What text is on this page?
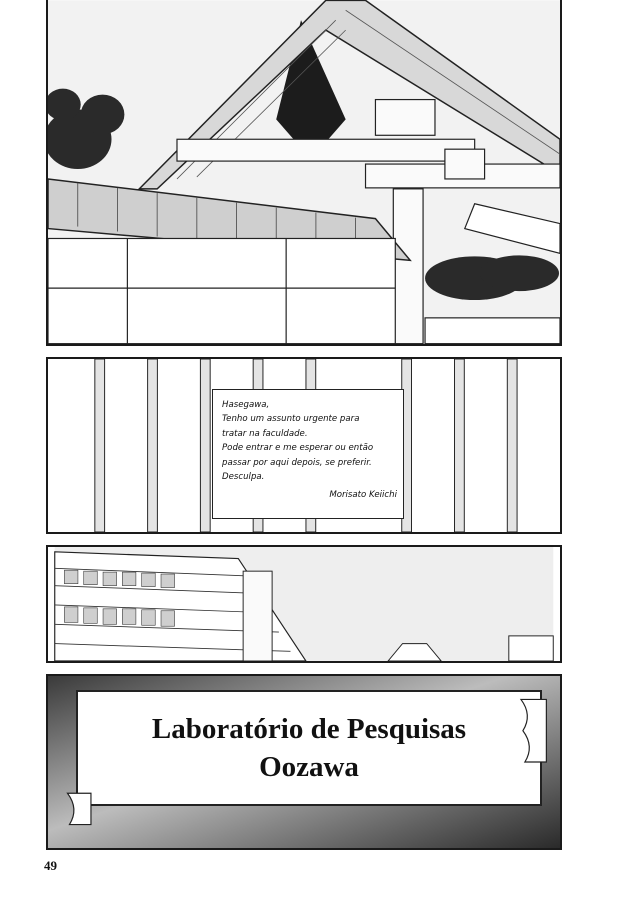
Hasegawa,
Tenho um assunto urgente para
tratar na faculdade.
Pode entrar e me esperar ou então
passar por aqui depois, se preferir.
Desculpa.
Morisato Keiichi
Laboratório de Pesquisas
Oozawa
49
